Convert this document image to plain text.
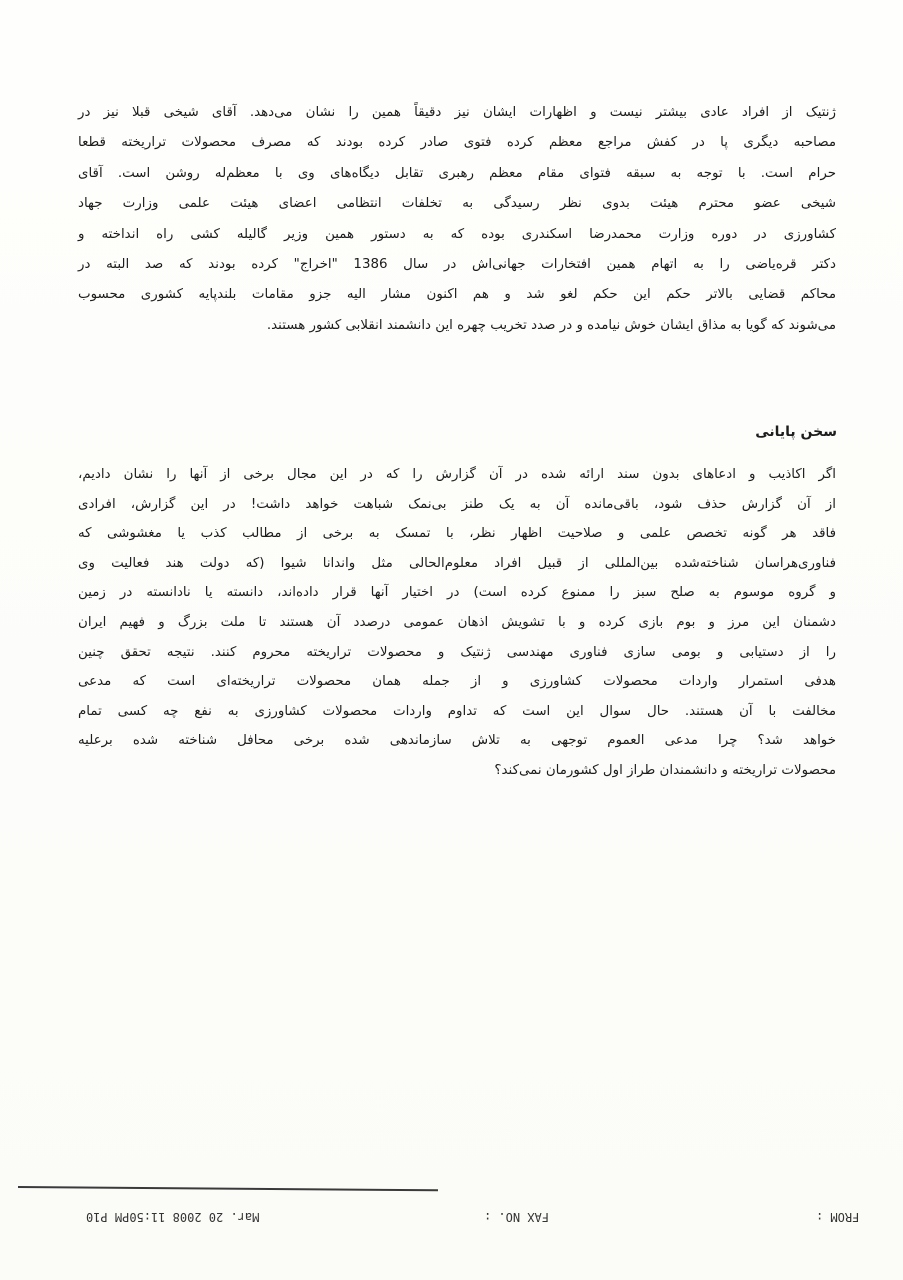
ژنتیک از افراد عادی بیشتر نیست و اظهارات ایشان نیز دقیقاً همین را نشان می‌دهد. آقای شیخی قبلا نیز در
مصاحبه دیگری پا در کفش مراجع معظم کرده فتوی صادر کرده بودند که مصرف محصولات تراریخته قطعا
حرام است. با توجه به سبقه فتوای مقام معظم رهبری تقابل دیگاه‌های وی با معظم‌له روشن است. آقای
شیخی عضو محترم هیئت بدوی نظر رسیدگی به تخلفات انتظامی اعضای هیئت علمی وزارت جهاد
کشاورزی در دوره وزارت محمدرضا اسکندری بوده که به دستور همین وزیر گالیله کشی راه انداخته و
دکتر قره‌یاضی را به اتهام همین افتخارات جهانی‌اش در سال 1386 "اخراج" کرده بودند که صد البته در
محاکم قضایی بالاتر حکم این حکم لغو شد و هم اکنون مشار الیه جزو مقامات بلندپایه کشوری محسوب
می‌شوند که گویا به مذاق ایشان خوش نیامده و در صدد تخریب چهره این دانشمند انقلابی کشور هستند.
سخن پایانی
اگر اکاذیب و ادعاهای بدون سند ارائه شده در آن گزارش را که در این مجال برخی از آنها را نشان دادیم،
از آن گزارش حذف شود، باقی‌مانده آن به یک طنز بی‌نمک شباهت خواهد داشت! در این گزارش، افرادی
فاقد هر گونه تخصص علمی و صلاحیت اظهار نظر، با تمسک به برخی از مطالب کذب یا مغشوشی که
فناوری‌هراسان شناخته‌شده بین‌المللی از قبیل افراد معلوم‌الحالی مثل واندانا شیوا (که دولت هند فعالیت وی
و گروه موسوم به صلح سبز را ممنوع کرده است) در اختیار آنها قرار داده‌اند، دانسته یا نادانسته در زمین
دشمنان این مرز و بوم بازی کرده و با تشویش اذهان عمومی درصدد آن هستند تا ملت بزرگ و فهیم ایران
را از دستیابی و بومی سازی فناوری مهندسی ژنتیک و محصولات تراریخته محروم کنند. نتیجه تحقق چنین
هدفی استمرار واردات محصولات کشاورزی و از جمله همان محصولات تراریخته‌ای است که مدعی
مخالفت با آن هستند. حال سوال این است که تداوم واردات محصولات کشاورزی به نفع چه کسی تمام
خواهد شد؟ چرا مدعی العموم توجهی به تلاش سازماندهی شده برخی محافل شناخته شده برعلیه
محصولات تراریخته و دانشمندان طراز اول کشورمان نمی‌کند؟
Mar. 20 2008 11:50PM P10	FAX NO. :	FROM :
